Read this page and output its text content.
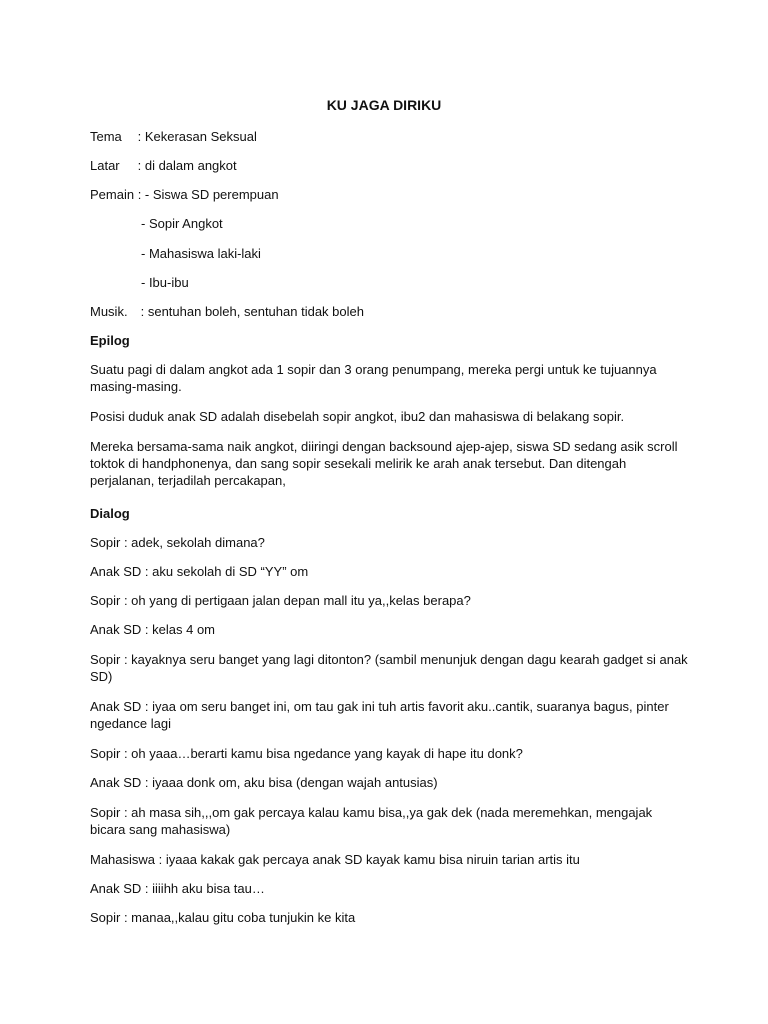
KU JAGA DIRIKU
Tema : Kekerasan Seksual
Latar : di dalam angkot
Pemain : - Siswa SD perempuan
- Sopir Angkot
- Mahasiswa laki-laki
- Ibu-ibu
Musik. : sentuhan boleh, sentuhan tidak boleh
Epilog
Suatu pagi di dalam angkot ada 1 sopir dan 3 orang penumpang, mereka pergi untuk ke tujuannya masing-masing.
Posisi duduk anak SD adalah disebelah sopir angkot, ibu2 dan mahasiswa di belakang sopir.
Mereka bersama-sama naik angkot, diiringi dengan backsound ajep-ajep, siswa SD sedang asik scroll toktok di handphonenya, dan sang sopir sesekali melirik ke arah anak tersebut. Dan ditengah perjalanan, terjadilah percakapan,
Dialog
Sopir : adek, sekolah dimana?
Anak SD : aku sekolah di SD “YY” om
Sopir : oh yang di pertigaan jalan depan mall itu ya,,kelas berapa?
Anak SD : kelas 4 om
Sopir : kayaknya seru banget yang lagi ditonton? (sambil menunjuk dengan dagu kearah gadget si anak SD)
Anak SD : iyaa om seru banget ini, om tau gak ini tuh artis favorit aku..cantik, suaranya bagus, pinter ngedance lagi
Sopir : oh yaaa…berarti kamu bisa ngedance yang kayak di hape itu donk?
Anak SD : iyaaa donk om, aku bisa (dengan wajah antusias)
Sopir : ah masa sih,,,om gak percaya kalau kamu bisa,,ya gak dek (nada meremehkan, mengajak bicara sang mahasiswa)
Mahasiswa : iyaaa kakak gak percaya anak SD kayak kamu bisa niruin tarian artis itu
Anak SD : iiiihh aku bisa tau…
Sopir : manaa,,kalau gitu coba tunjukin ke kita
